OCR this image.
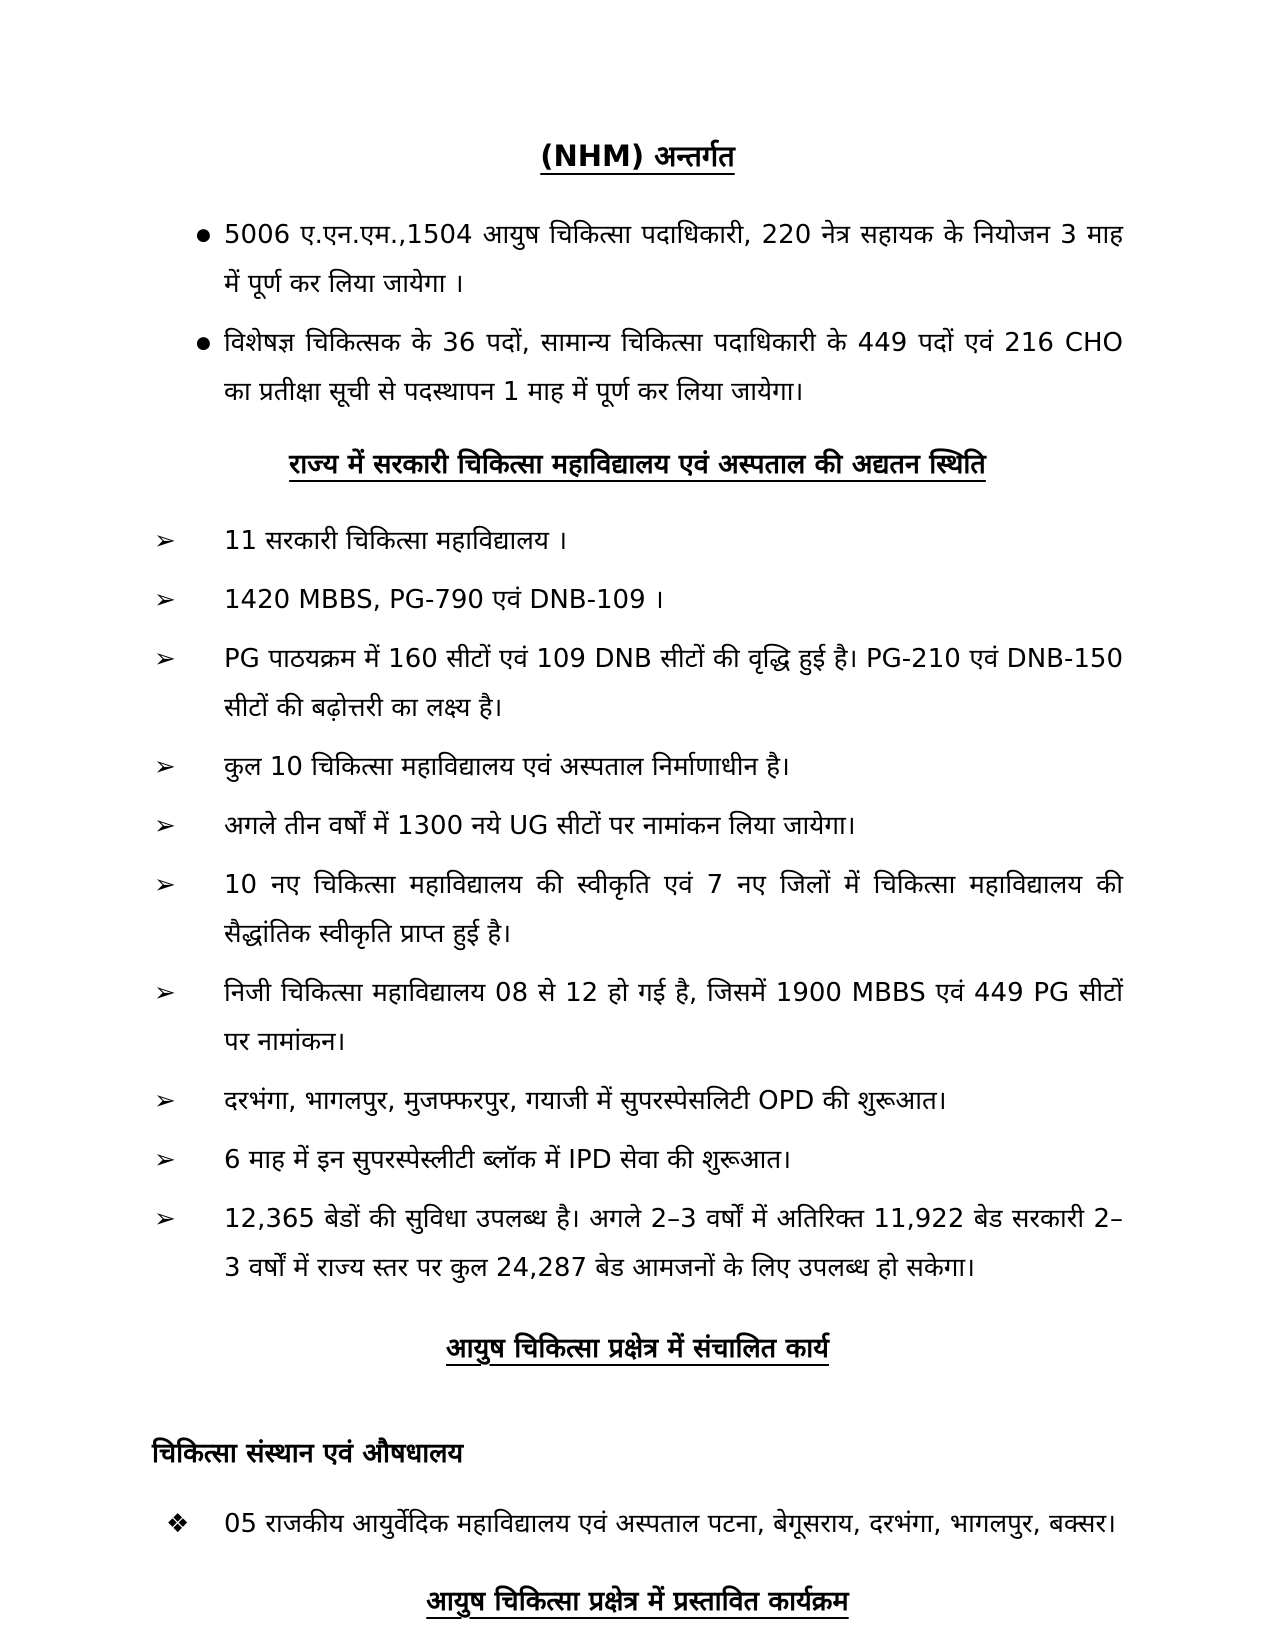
(NHM) अन्तर्गत
● 5006 ए.एन.एम.,1504 आयुष चिकित्सा पदाधिकारी, 220 नेत्र सहायक के नियोजन 3 माह में पूर्ण कर लिया जायेगा ।
● विशेषज्ञ चिकित्सक के 36 पदों, सामान्य चिकित्सा पदाधिकारी के 449 पदों एवं 216 CHO का प्रतीक्षा सूची से पदस्थापन 1 माह में पूर्ण कर लिया जायेगा।
राज्य में सरकारी चिकित्सा महाविद्यालय एवं अस्पताल की अद्यतन स्थिति
➢	11 सरकारी चिकित्सा महाविद्यालय ।
➢	1420 MBBS, PG-790 एवं DNB-109 ।
➢	PG पाठयक्रम में 160 सीटों एवं 109 DNB सीटों की वृद्धि हुई है। PG-210 एवं DNB-150 सीटों की बढ़ोत्तरी का लक्ष्य है।
➢	कुल 10 चिकित्सा महाविद्यालय एवं अस्पताल निर्माणाधीन है।
➢	अगले तीन वर्षों में 1300 नये UG सीटों पर नामांकन लिया जायेगा।
➢	10 नए चिकित्सा महाविद्यालय की स्वीकृति एवं 7 नए जिलों में चिकित्सा महाविद्यालय की सैद्धांतिक स्वीकृति प्राप्त हुई है।
➢	निजी चिकित्सा महाविद्यालय 08 से 12 हो गई है, जिसमें 1900 MBBS एवं 449 PG सीटों पर नामांकन।
➢	दरभंगा, भागलपुर, मुजफ्फरपुर, गयाजी में सुपरस्पेसलिटी OPD की शुरूआत।
➢	6 माह में इन सुपरस्पेस्लीटी ब्लॉक में IPD सेवा की शुरूआत।
➢	12,365 बेडों की सुविधा उपलब्ध है। अगले 2–3 वर्षों में अतिरिक्त 11,922 बेड सरकारी 2–3 वर्षों में राज्य स्तर पर कुल 24,287 बेड आमजनों के लिए उपलब्ध हो सकेगा।
आयुष चिकित्सा प्रक्षेत्र में संचालित कार्य
चिकित्सा संस्थान एवं औषधालय
❖	05 राजकीय आयुर्वेदिक महाविद्यालय एवं अस्पताल पटना, बेगूसराय, दरभंगा, भागलपुर, बक्सर।
आयुष चिकित्सा प्रक्षेत्र में प्रस्तावित कार्यक्रम
